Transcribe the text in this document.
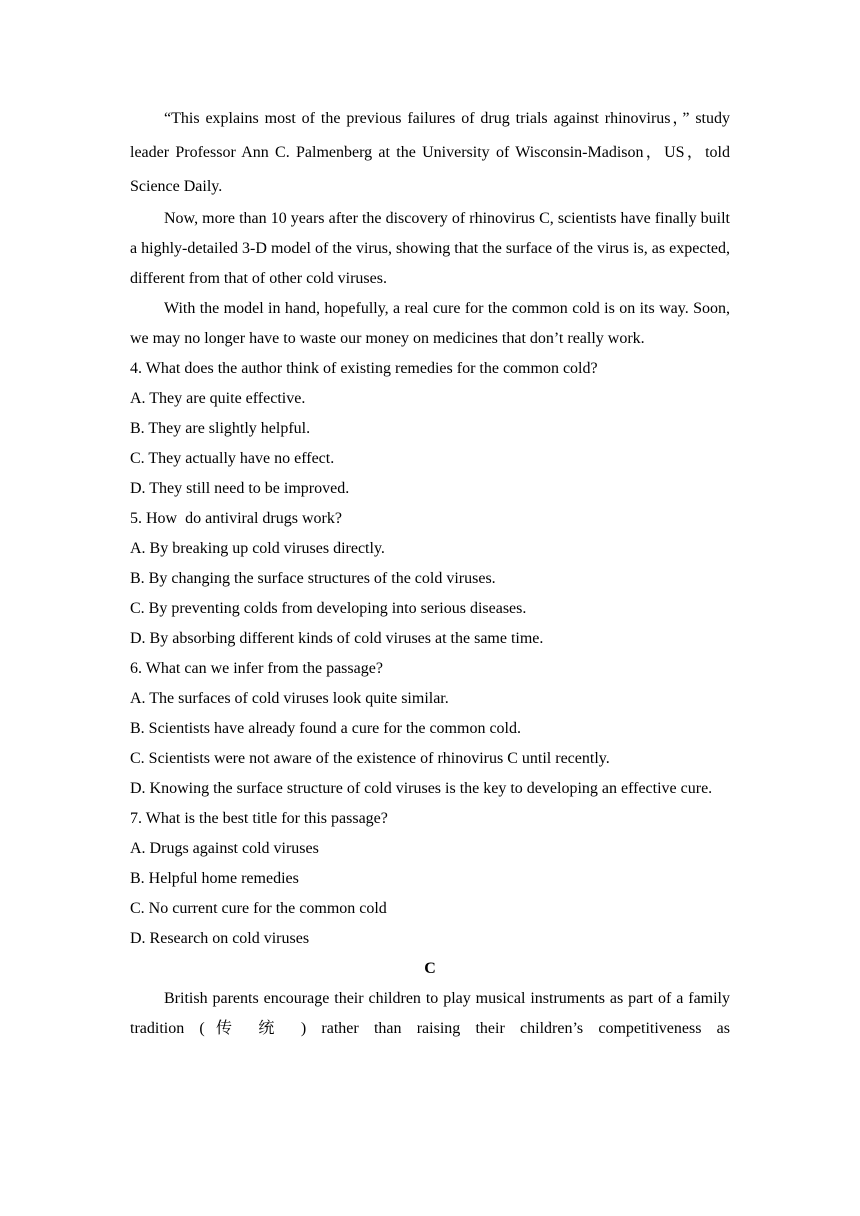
“This explains most of the previous failures of drug trials against rhinovirus，” study leader Professor Ann C. Palmenberg at the University of Wisconsin-Madison，US，told Science Daily.

Now, more than 10 years after the discovery of rhinovirus C, scientists have finally built a highly-detailed 3-D model of the virus, showing that the surface of the virus is, as expected, different from that of other cold viruses.

With the model in hand, hopefully, a real cure for the common cold is on its way. Soon, we may no longer have to waste our money on medicines that don’t really work.

4. What does the author think of existing remedies for the common cold?

A. They are quite effective.

B. They are slightly helpful.

C. They actually have no effect.

D. They still need to be improved.

5. How  do antiviral drugs work?

A. By breaking up cold viruses directly.

B. By changing the surface structures of the cold viruses.

C. By preventing colds from developing into serious diseases.

D. By absorbing different kinds of cold viruses at the same time.

6. What can we infer from the passage?

A. The surfaces of cold viruses look quite similar.

B. Scientists have already found a cure for the common cold.

C. Scientists were not aware of the existence of rhinovirus C until recently.

D. Knowing the surface structure of cold viruses is the key to developing an effective cure.

7. What is the best title for this passage?

A. Drugs against cold viruses

B. Helpful home remedies

C. No current cure for the common cold

D. Research on cold viruses

C

British parents encourage their children to play musical instruments as part of a family tradition (传 统 ) rather than raising their children’s competitiveness as
